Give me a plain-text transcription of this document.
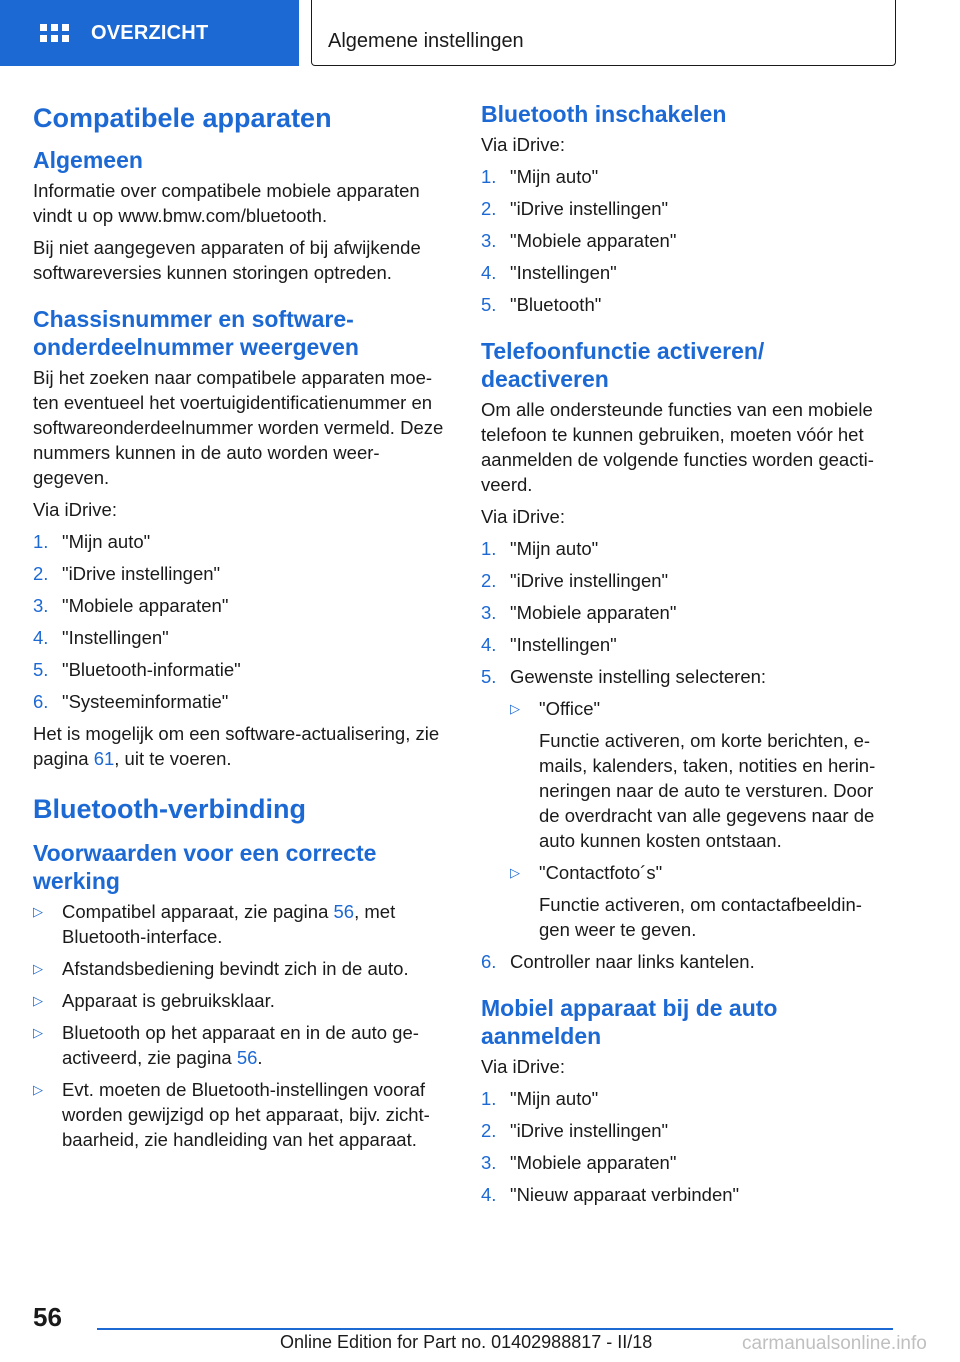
OVERZICHT	Algemene instellingen
Compatibele apparaten
Algemeen

Informatie over compatibele mobiele apparaten vindt u op www.bmw.com/bluetooth.

Bij niet aangegeven apparaten of bij afwijkende softwareversies kunnen storingen optreden.

Chassisnummer en software-onderdeelnummer weergeven

Bij het zoeken naar compatibele apparaten moe-ten eventueel het voertuigidentificatienummer en softwareonderdeelnummer worden vermeld. Deze nummers kunnen in de auto worden weer-gegeven.

Via iDrive:

1. "Mijn auto"
2. "iDrive instellingen"
3. "Mobiele apparaten"
4. "Instellingen"
5. "Bluetooth-informatie"
6. "Systeeminformatie"

Het is mogelijk om een software-actualisering, zie pagina 61, uit te voeren.

Bluetooth-verbinding
Voorwaarden voor een correcte werking
▷	Compatibel apparaat, zie pagina 56, met Bluetooth-interface.
▷	Afstandsbediening bevindt zich in de auto.
▷	Apparaat is gebruiksklaar.
▷	Bluetooth op het apparaat en in de auto ge-activeerd, zie pagina 56.
▷	Evt. moeten de Bluetooth-instellingen vooraf worden gewijzigd op het apparaat, bijv. zicht-baarheid, zie handleiding van het apparaat.
Bluetooth inschakelen

Via iDrive:

1. "Mijn auto"
2. "iDrive instellingen"
3. "Mobiele apparaten"
4. "Instellingen"
5. "Bluetooth"
Telefoonfunctie activeren/ deactiveren

Om alle ondersteunde functies van een mobiele telefoon te kunnen gebruiken, moeten vóór het aanmelden de volgende functies worden geacti-veerd.

Via iDrive:

1. "Mijn auto"
2. "iDrive instellingen"
3. "Mobiele apparaten"
4. "Instellingen"
5. Gewenste instelling selecteren:
▷	"Office"

Functie activeren, om korte berichten, e-mails, kalenders, taken, notities en herin-neringen naar de auto te versturen. Door de overdracht van alle gegevens naar de auto kunnen kosten ontstaan.

▷	"Contactfoto´s"

Functie activeren, om contactafbeeldin-gen weer te geven.

6. Controller naar links kantelen.
Mobiel apparaat bij de auto aanmelden

Via iDrive:

1. "Mijn auto"
2. "iDrive instellingen"
3. "Mobiele apparaten"
4. "Nieuw apparaat verbinden"
56
Online Edition for Part no. 01402988817 - II/18	carmanualsonline.info
